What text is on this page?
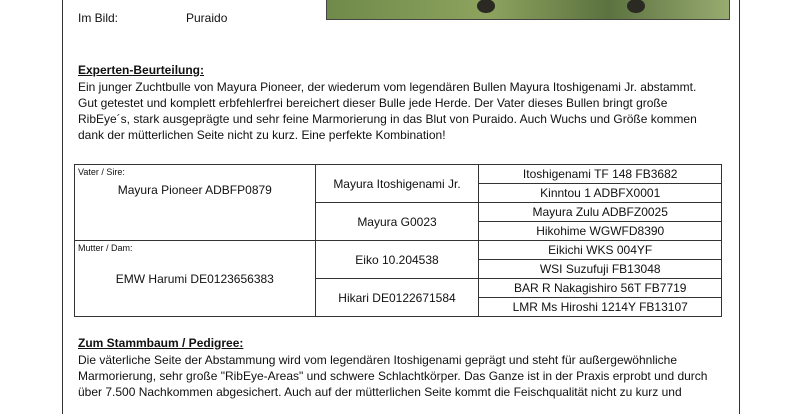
Im Bild:	Puraido
Experten-Beurteilung:
Ein junger Zuchtbulle von Mayura Pioneer, der wiederum vom legendären Bullen Mayura Itoshigenami Jr. abstammt.
Gut getestet und komplett erbfehlerfrei bereichert dieser Bulle jede Herde. Der Vater dieses Bullen bringt große
RibEye´s, stark ausgeprägte und sehr feine Marmorierung in das Blut von Puraido. Auch Wuchs und Größe kommen
dank der mütterlichen Seite nicht zu kurz. Eine perfekte Kombination!
Vater / Sire:
Mayura Pioneer ADBFP0879	Mayura Itoshigenami Jr.	Itoshigenami TF 148 FB3682
		Kinntou 1 ADBFX0001
	Mayura G0023	Mayura Zulu ADBFZ0025
		Hikohime WGWFD8390

Mutter / Dam:
EMW Harumi DE0123656383	Eiko 10.204538	Eikichi WKS 004YF
		WSI Suzufuji FB13048
	Hikari DE0122671584	BAR R Nakagishiro 56T FB7719
		LMR Ms Hiroshi 1214Y FB13107
Zum Stammbaum / Pedigree:
Die väterliche Seite der Abstammung wird vom legendären Itoshigenami geprägt und steht für außergewöhnliche
Marmorierung, sehr große "RibEye-Areas" und schwere Schlachtkörper. Das Ganze ist in der Praxis erprobt und durch
über 7.500 Nachkommen abgesichert. Auch auf der mütterlichen Seite kommt die Feischqualität nicht zu kurz und
